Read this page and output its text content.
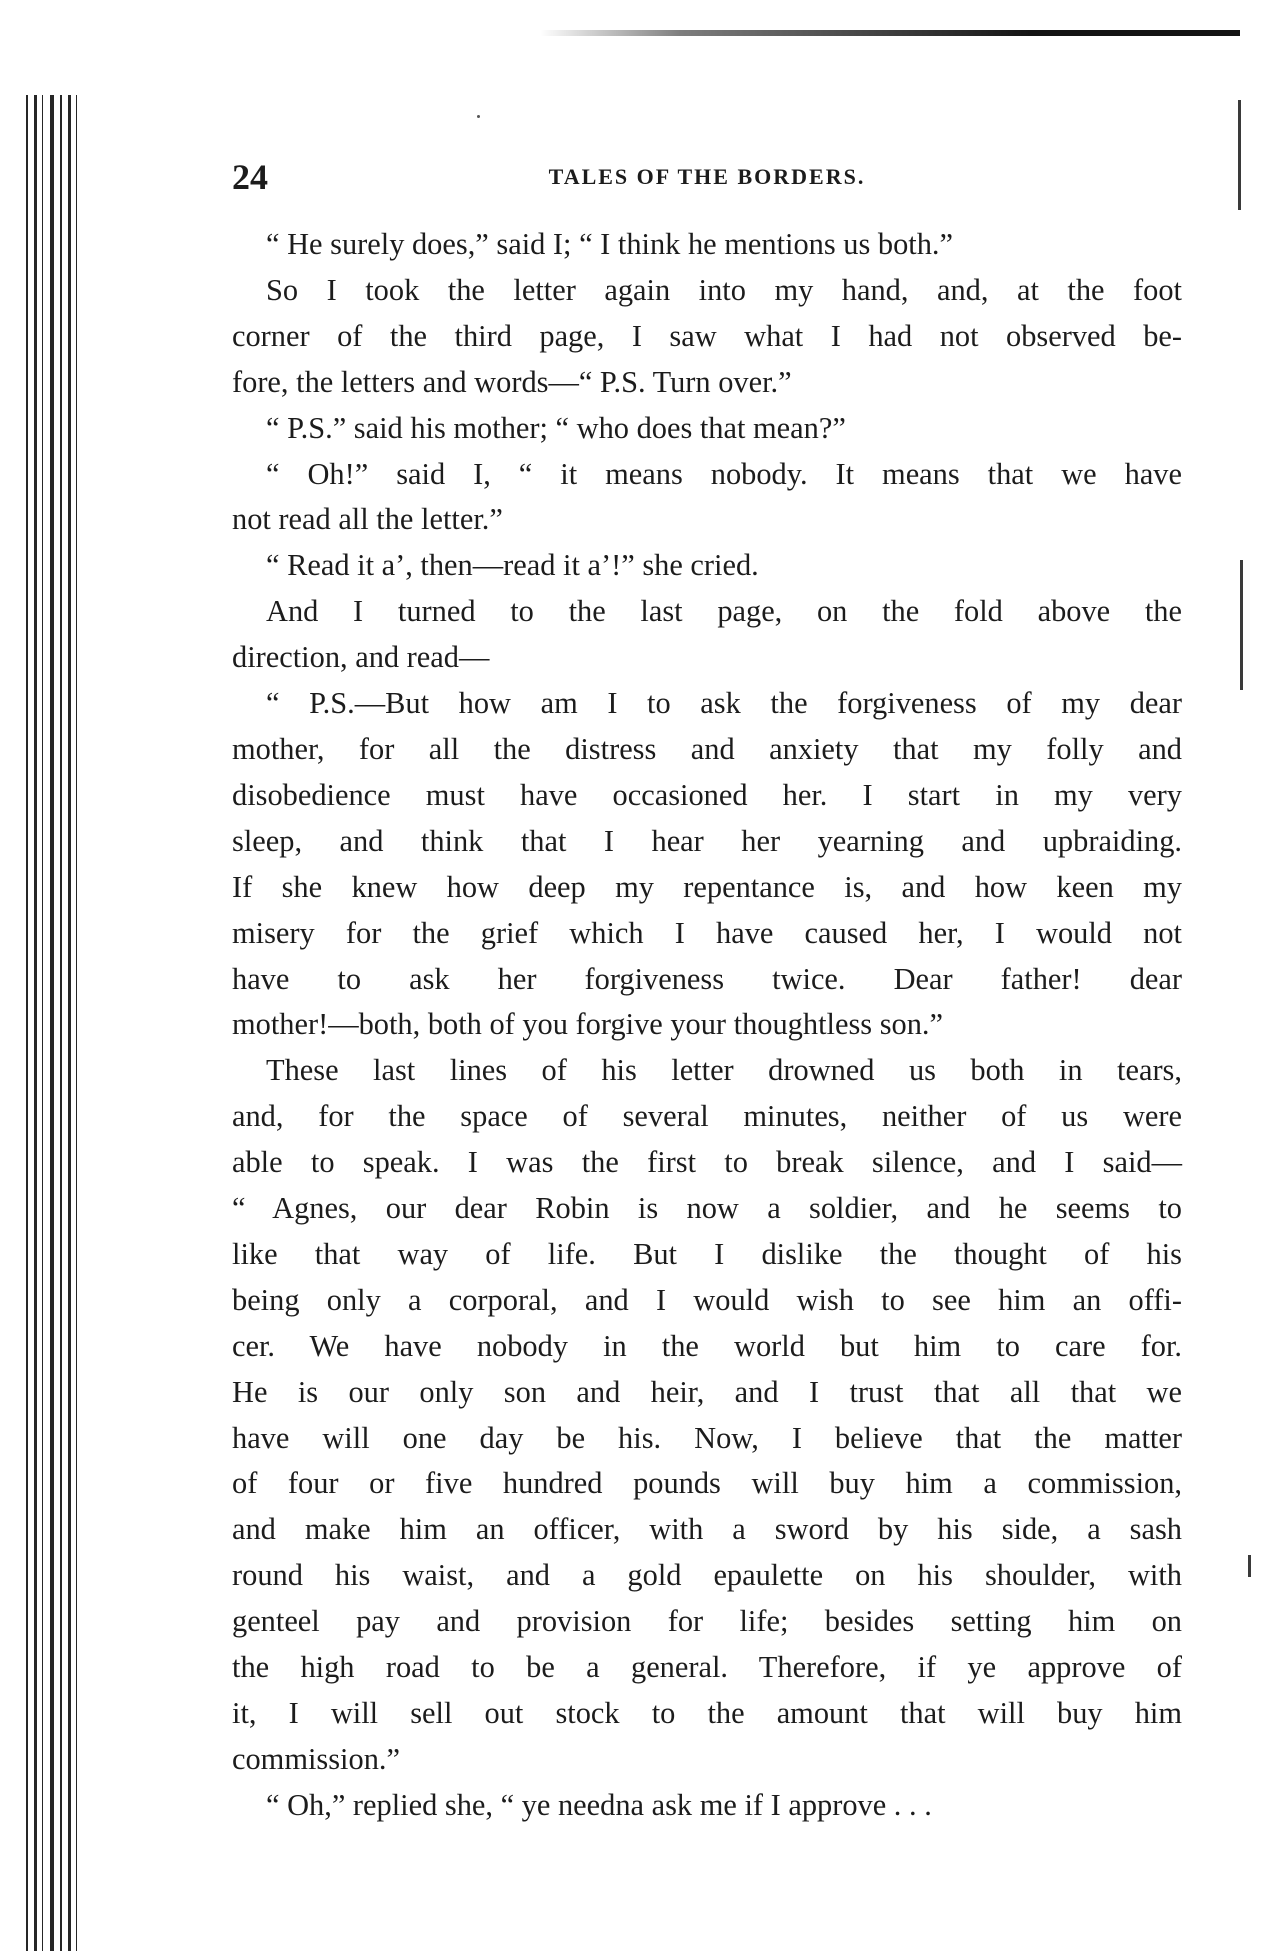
24	TALES OF THE BORDERS.
“ He surely does,” said I; “ I think he mentions us both.”
So I took the letter again into my hand, and, at the foot
corner of the third page, I saw what I had not observed be-
fore, the letters and words—“ P.S. Turn over.”
“ P.S.” said his mother; “ who does that mean?”
“ Oh!” said I, “ it means nobody. It means that we have
not read all the letter.”
“ Read it a’, then—read it a’!” she cried.
And I turned to the last page, on the fold above the
direction, and read—
“ P.S.—But how am I to ask the forgiveness of my dear
mother, for all the distress and anxiety that my folly and
disobedience must have occasioned her. I start in my very
sleep, and think that I hear her yearning and upbraiding.
If she knew how deep my repentance is, and how keen my
misery for the grief which I have caused her, I would not
have to ask her forgiveness twice. Dear father! dear
mother!—both, both of you forgive your thoughtless son.”
These last lines of his letter drowned us both in tears,
and, for the space of several minutes, neither of us were
able to speak. I was the first to break silence, and I said—
“ Agnes, our dear Robin is now a soldier, and he seems to
like that way of life. But I dislike the thought of his
being only a corporal, and I would wish to see him an offi-
cer. We have nobody in the world but him to care for.
He is our only son and heir, and I trust that all that we
have will one day be his. Now, I believe that the matter
of four or five hundred pounds will buy him a commission,
and make him an officer, with a sword by his side, a sash
round his waist, and a gold epaulette on his shoulder, with
genteel pay and provision for life; besides setting him on
the high road to be a general. Therefore, if ye approve of
it, I will sell out stock to the amount that will buy him
commission.”
“ Oh,” replied she, “ ye needna ask me if I approve . . .
